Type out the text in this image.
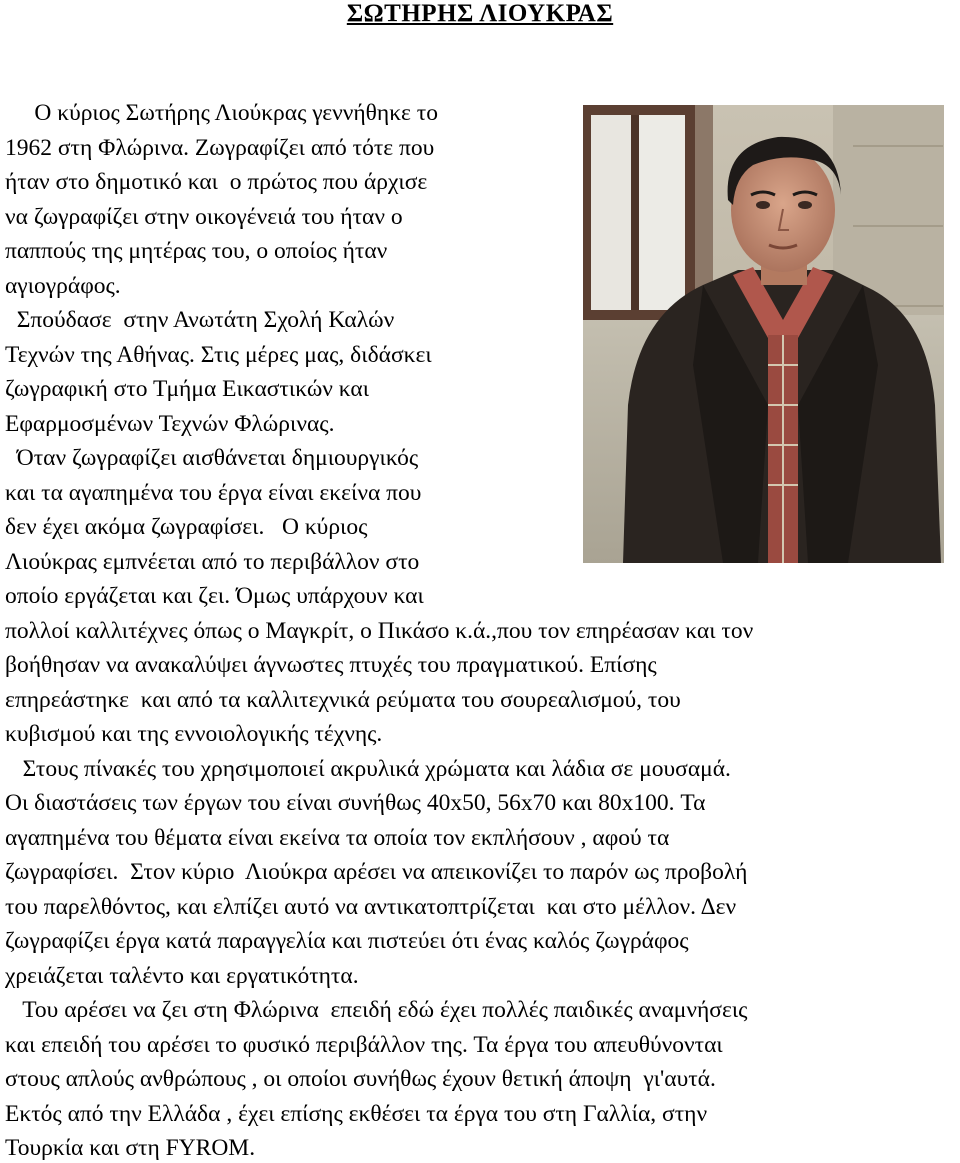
ΣΩΤΗΡΗΣ ΛΙΟΥΚΡΑΣ
Ο κύριος Σωτήρης Λιούκρας γεννήθηκε το
1962 στη Φλώρινα. Ζωγραφίζει από τότε που
ήταν στο δημοτικό και  ο πρώτος που άρχισε
να ζωγραφίζει στην οικογένειά του ήταν ο
παππούς της μητέρας του, ο οποίος ήταν
αγιογράφος.
Σπούδασε  στην Ανωτάτη Σχολή Καλών
Τεχνών της Αθήνας. Στις μέρες μας, διδάσκει
ζωγραφική στο Τμήμα Εικαστικών και
Εφαρμοσμένων Τεχνών Φλώρινας.
Όταν ζωγραφίζει αισθάνεται δημιουργικός
και τα αγαπημένα του έργα είναι εκείνα που
δεν έχει ακόμα ζωγραφίσει.   Ο κύριος
Λιούκρας εμπνέεται από το περιβάλλον στο
οποίο εργάζεται και ζει. Όμως υπάρχουν και
πολλοί καλλιτέχνες όπως ο Μαγκρίτ, ο Πικάσο κ.ά.,που τον επηρέασαν και τον
βοήθησαν να ανακαλύψει άγνωστες πτυχές του πραγματικού. Επίσης
επηρεάστηκε  και από τα καλλιτεχνικά ρεύματα του σουρεαλισμού, του
κυβισμού και της εννοιολογικής τέχνης.
Στους πίνακές του χρησιμοποιεί ακρυλικά χρώματα και λάδια σε μουσαμά.
Οι διαστάσεις των έργων του είναι συνήθως 40x50, 56x70 και 80x100. Τα
αγαπημένα του θέματα είναι εκείνα τα οποία τον εκπλήσουν , αφού τα
ζωγραφίσει.  Στον κύριο  Λιούκρα αρέσει να απεικονίζει το παρόν ως προβολή
του παρελθόντος, και ελπίζει αυτό να αντικατοπτρίζεται  και στο μέλλον. Δεν
ζωγραφίζει έργα κατά παραγγελία και πιστεύει ότι ένας καλός ζωγράφος
χρειάζεται ταλέντο και εργατικότητα.
Του αρέσει να ζει στη Φλώρινα  επειδή εδώ έχει πολλές παιδικές αναμνήσεις
και επειδή του αρέσει το φυσικό περιβάλλον της. Τα έργα του απευθύνονται
στους απλούς ανθρώπους , οι οποίοι συνήθως έχουν θετική άποψη  γι'αυτά.
Εκτός από την Ελλάδα , έχει επίσης εκθέσει τα έργα του στη Γαλλία, στην
Τουρκία και στη FYROM.
